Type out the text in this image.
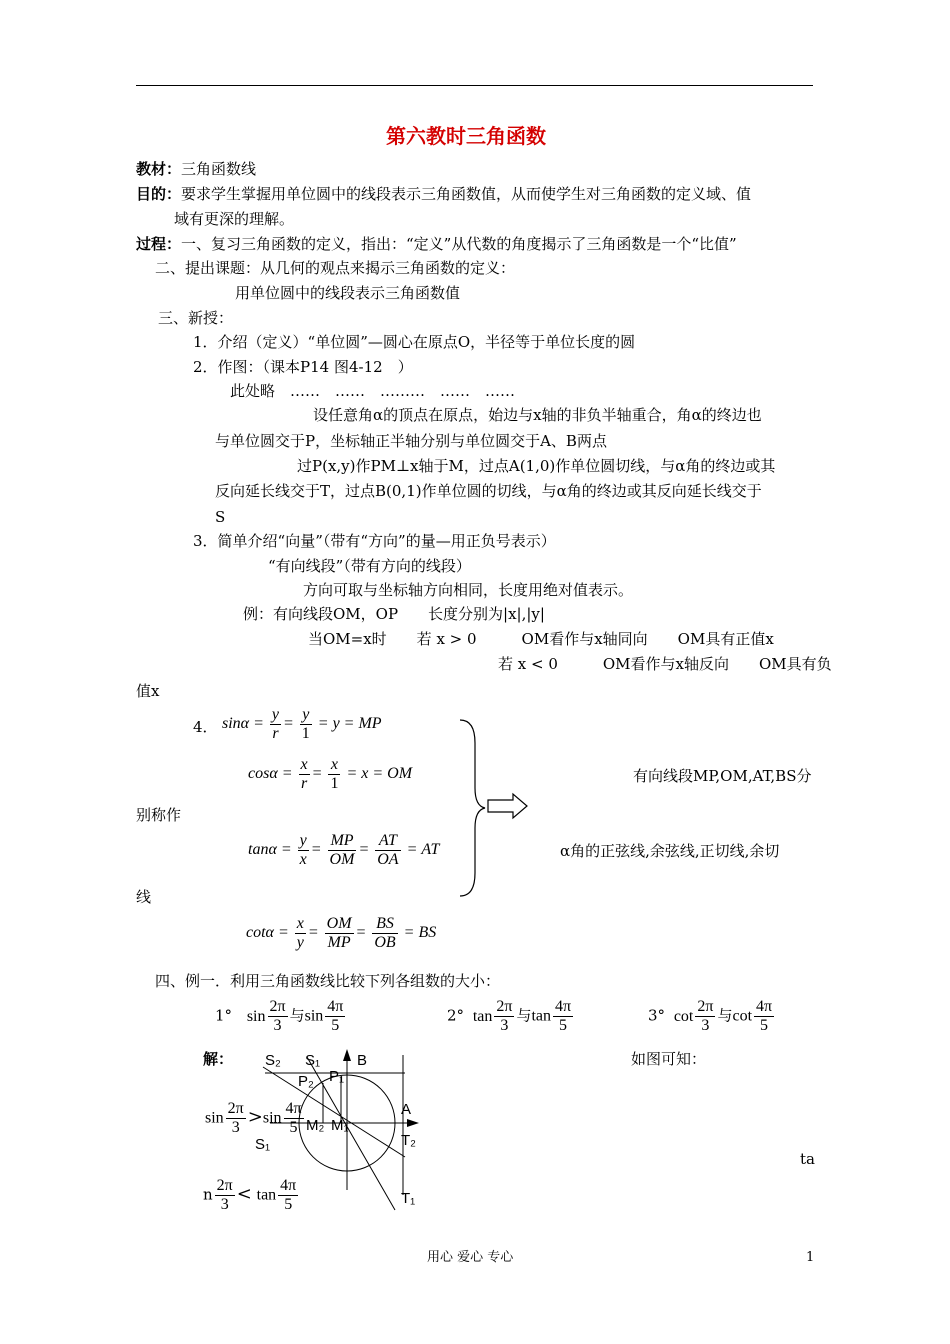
第六教时三角函数
教材：三角函数线
目的：要求学生掌握用单位圆中的线段表示三角函数值，从而使学生对三角函数的定义域、值
域有更深的理解。
过程：一、复习三角函数的定义，指出：“定义”从代数的角度揭示了三角函数是一个“比值”
二、提出课题：从几何的观点来揭示三角函数的定义：
用单位圆中的线段表示三角函数值
三、新授：
1．介绍（定义）“单位圆”—圆心在原点O，半径等于单位长度的圆
2．作图：（课本P14 图4-12　）
此处略　……　……　………　……　……
设任意角α的顶点在原点，始边与x轴的非负半轴重合，角α的终边也
与单位圆交于P，坐标轴正半轴分别与单位圆交于A、B两点
过P(x,y)作PM⊥x轴于M，过点A(1,0)作单位圆切线，与α角的终边或其
反向延长线交于T，过点B(0,1)作单位圆的切线，与α角的终边或其反向延长线交于
S
3．简单介绍“向量”（带有“方向”的量—用正负号表示）
“有向线段”（带有方向的线段）
方向可取与坐标轴方向相同，长度用绝对值表示。
例：有向线段OM，OP　　长度分别为|x|,|y|
当OM=x时　　若 x > 0　　　OM看作与x轴同向　　OM具有正值x
若 x < 0　　　OM看作与x轴反向　　OM具有负
值x
4． $\sin\alpha = \frac{y}{r} = \frac{y}{1} = y$ = MP
$\cos\alpha = \frac{x}{r} = \frac{x}{1} = x$ = OM
$\tan\alpha = \frac{y}{x} = \frac{MP}{OM} = \frac{AT}{OA}$ = AT
$\cot\alpha = \frac{x}{y} = \frac{OM}{MP} = \frac{BS}{OB}$ = BS
有向线段MP,OM,AT,BS分
别称作
α角的正弦线,余弦线,正切线,余切
线
四、例一．利用三角函数线比较下列各组数的大小：
1° $\sin \frac{2\pi}{3}$ 与$\sin \frac{4\pi}{5}$	2° $\tan \frac{2\pi}{3}$ 与$\tan \frac{4\pi}{5}$	3° $\cot \frac{2\pi}{3}$ 与$\cot \frac{4\pi}{5}$
解：	如图可知：
S₂ S₁ B
P₂ P₁
A
M₂ M₁
T₂
S₁
T₁
$\sin \frac{2\pi}{3} >\sin \frac{4\pi}{5}$
ta
n $\frac{2\pi}{3} < \tan \frac{4\pi}{5}$
用心 爱心 专心	1
